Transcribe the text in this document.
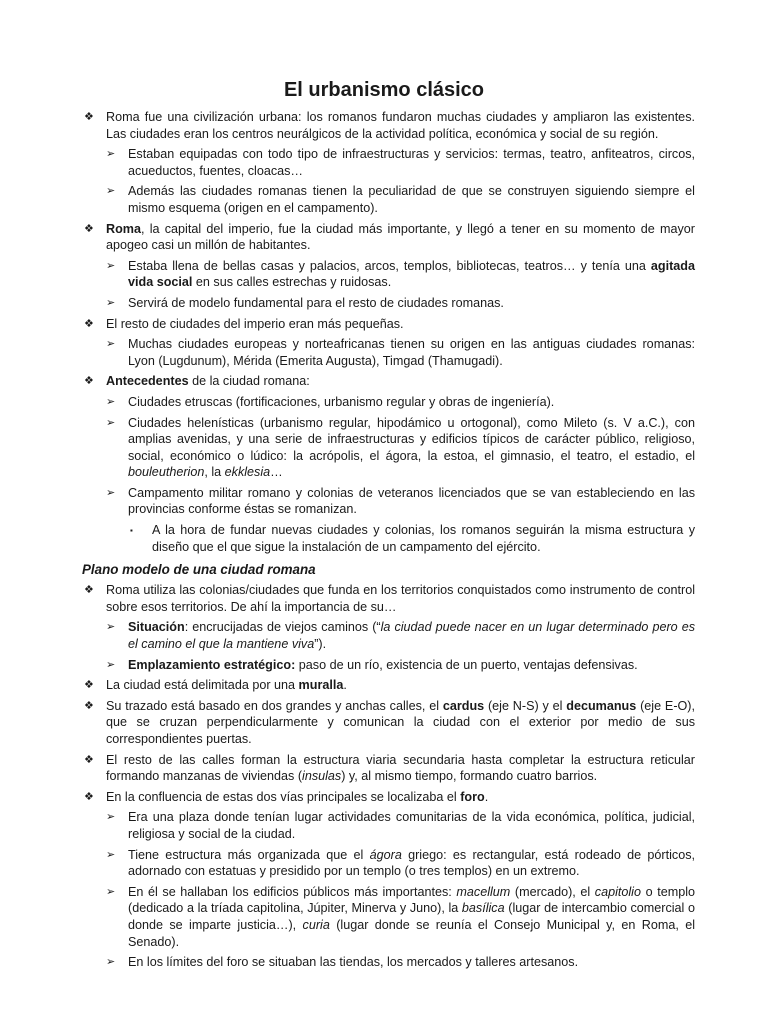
El urbanismo clásico
❖ Roma fue una civilización urbana: los romanos fundaron muchas ciudades y ampliaron las existentes. Las ciudades eran los centros neurálgicos de la actividad política, económica y social de su región.
➢ Estaban equipadas con todo tipo de infraestructuras y servicios: termas, teatro, anfiteatros, circos, acueductos, fuentes, cloacas…
➢ Además las ciudades romanas tienen la peculiaridad de que se construyen siguiendo siempre el mismo esquema (origen en el campamento).
❖ Roma, la capital del imperio, fue la ciudad más importante, y llegó a tener en su momento de mayor apogeo casi un millón de habitantes.
➢ Estaba llena de bellas casas y palacios, arcos, templos, bibliotecas, teatros… y tenía una agitada vida social en sus calles estrechas y ruidosas.
➢ Servirá de modelo fundamental para el resto de ciudades romanas.
❖ El resto de ciudades del imperio eran más pequeñas.
➢ Muchas ciudades europeas y norteafricanas tienen su origen en las antiguas ciudades romanas: Lyon (Lugdunum), Mérida (Emerita Augusta), Timgad (Thamugadi).
❖ Antecedentes de la ciudad romana:
➢ Ciudades etruscas (fortificaciones, urbanismo regular y obras de ingeniería).
➢ Ciudades helenísticas (urbanismo regular, hipodámico u ortogonal), como Mileto (s. V a.C.), con amplias avenidas, y una serie de infraestructuras y edificios típicos de carácter público, religioso, social, económico o lúdico: la acrópolis, el ágora, la estoa, el gimnasio, el teatro, el estadio, el bouleutherion, la ekklesia…
➢ Campamento militar romano y colonias de veteranos licenciados que se van estableciendo en las provincias conforme éstas se romanizan.
▪ A la hora de fundar nuevas ciudades y colonias, los romanos seguirán la misma estructura y diseño que el que sigue la instalación de un campamento del ejército.
Plano modelo de una ciudad romana
❖ Roma utiliza las colonias/ciudades que funda en los territorios conquistados como instrumento de control sobre esos territorios. De ahí la importancia de su…
➢ Situación: encrucijadas de viejos caminos (“la ciudad puede nacer en un lugar determinado pero es el camino el que la mantiene viva”).
➢ Emplazamiento estratégico: paso de un río, existencia de un puerto, ventajas defensivas.
❖ La ciudad está delimitada por una muralla.
❖ Su trazado está basado en dos grandes y anchas calles, el cardus (eje N-S) y el decumanus (eje E-O), que se cruzan perpendicularmente y comunican la ciudad con el exterior por medio de sus correspondientes puertas.
❖ El resto de las calles forman la estructura viaria secundaria hasta completar la estructura reticular formando manzanas de viviendas (insulas) y, al mismo tiempo, formando cuatro barrios.
❖ En la confluencia de estas dos vías principales se localizaba el foro.
➢ Era una plaza donde tenían lugar actividades comunitarias de la vida económica, política, judicial, religiosa y social de la ciudad.
➢ Tiene estructura más organizada que el ágora griego: es rectangular, está rodeado de pórticos, adornado con estatuas y presidido por un templo (o tres templos) en un extremo.
➢ En él se hallaban los edificios públicos más importantes: macellum (mercado), el capitolio o templo (dedicado a la tríada capitolina, Júpiter, Minerva y Juno), la basílica (lugar de intercambio comercial o donde se imparte justicia…), curia (lugar donde se reunía el Consejo Municipal y, en Roma, el Senado).
➢ En los límites del foro se situaban las tiendas, los mercados y talleres artesanos.
